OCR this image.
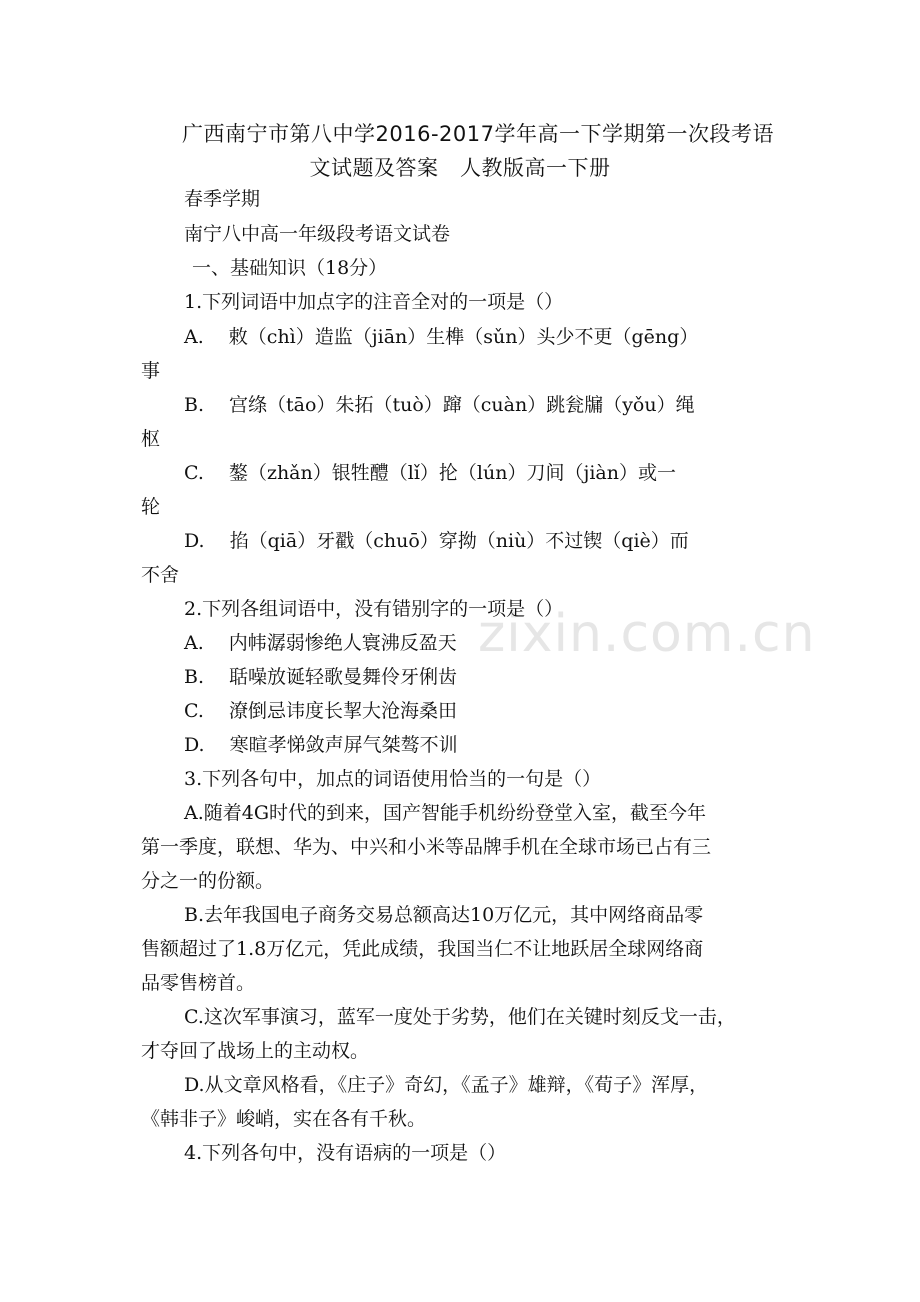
广西南宁市第八中学2016-2017学年高一下学期第一次段考语
文试题及答案　人教版高一下册
春季学期
南宁八中高一年级段考语文试卷
一、基础知识（18分）
1.下列词语中加点字的注音全对的一项是（）
A.　 敕（chì）造监（jiān）生榫（sǔn）头少不更（gēng）
事
B.　 宫绦（tāo）朱拓（tuò）蹿（cuàn）跳瓮牖（yǒu）绳
枢
C.　 鏊（zhǎn）银牲醴（lǐ）抡（lún）刀间（jiàn）或一
轮
D.　 掐（qiā）牙戳（chuō）穿拗（niù）不过锲（qiè）而
不舍
zixin.com.cn
2.下列各组词语中，没有错别字的一项是（）
A.　 内帏潺弱惨绝人寰沸反盈天
B.　 聒噪放诞轻歌曼舞伶牙俐齿
C.　 潦倒忌讳度长挈大沧海桑田
D.　 寒暄孝悌敛声屏气桀骜不训
3.下列各句中，加点的词语使用恰当的一句是（）
A.随着4G时代的到来，国产智能手机纷纷登堂入室，截至今年
第一季度，联想、华为、中兴和小米等品牌手机在全球市场已占有三
分之一的份额。
B.去年我国电子商务交易总额高达10万亿元，其中网络商品零
售额超过了1.8万亿元，凭此成绩，我国当仁不让地跃居全球网络商
品零售榜首。
C.这次军事演习，蓝军一度处于劣势，他们在关键时刻反戈一击，
才夺回了战场上的主动权。
D.从文章风格看，《庄子》奇幻，《孟子》雄辩，《荀子》浑厚，
《韩非子》峻峭，实在各有千秋。
4.下列各句中，没有语病的一项是（）
